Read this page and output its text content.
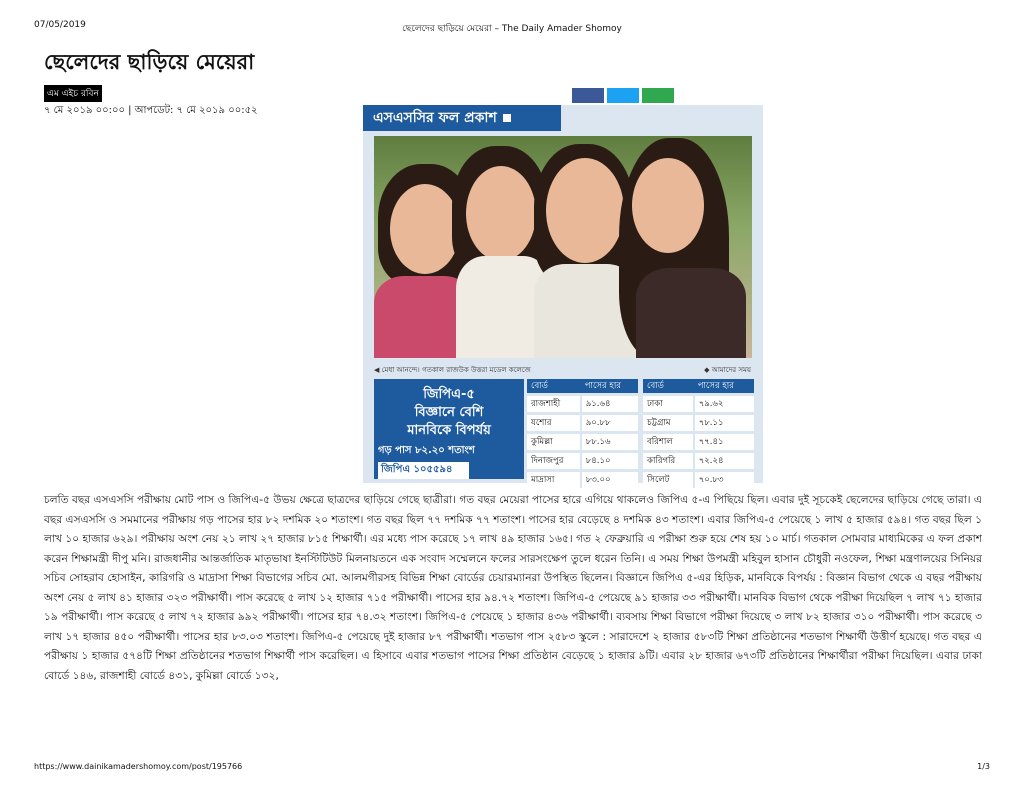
07/05/2019	ছেলেদের ছাড়িয়ে মেয়েরা – The Daily Amader Shomoy
ছেলেদের ছাড়িয়ে মেয়েরা
এম এইচ রবিন
৭ মে ২০১৯ ০০:০০ | আপডেট: ৭ মে ২০১৯ ০০:৫২	এসএসসির ফল প্রকাশ
◀ মেধা আনন্দে। গতকাল রাজউক উত্তরা মডেল কলেজে	◆ আমাদের সময়
জিপিএ-৫
বিজ্ঞানে বেশি
মানবিকে বিপর্যয়
গড় পাস ৮২.২০ শতাংশ
জিপিএ ১০৫৫৯৪
বোর্ড	পাসের হার
রাজশাহী	৯১.৬৪
যশোর	৯০.৮৮
কুমিল্লা	৮৮.১৬
দিনাজপুর	৮৪.১০
মাদ্রাসা	৮৩.০০
বোর্ড	পাসের হার
ঢাকা	৭৯.৬২
চট্টগ্রাম	৭৮.১১
বরিশাল	৭৭.৪১
কারিগরি	৭২.২৪
সিলেট	৭০.৮৩
চলতি বছর এসএসসি পরীক্ষায় মোট পাস ও জিপিএ-৫ উভয় ক্ষেত্রে ছাত্রদের ছাড়িয়ে গেছে ছাত্রীরা। গত বছর মেয়েরা পাসের হারে এগিয়ে থাকলেও জিপিএ ৫-এ পিছিয়ে ছিল। এবার দুই সূচকেই ছেলেদের ছাড়িয়ে গেছে তারা। এ বছর এসএসসি ও সমমানের পরীক্ষায় গড় পাসের হার ৮২ দশমিক ২০ শতাংশ। গত বছর ছিল ৭৭ দশমিক ৭৭ শতাংশ। পাসের হার বেড়েছে ৪ দশমিক ৪৩ শতাংশ। এবার জিপিএ-৫ পেয়েছে ১ লাখ ৫ হাজার ৫৯৪। গত বছর ছিল ১ লাখ ১০ হাজার ৬২৯। পরীক্ষায় অংশ নেয় ২১ লাখ ২৭ হাজার ৮১৫ শিক্ষার্থী। এর মধ্যে পাস করেছে ১৭ লাখ ৪৯ হাজার ১৬৫। গত ২ ফেব্রুয়ারি এ পরীক্ষা শুরু হয়ে শেষ হয় ১০ মার্চ। গতকাল সোমবার মাধ্যমিকের এ ফল প্রকাশ করেন শিক্ষামন্ত্রী দীপু মনি। রাজধানীর আন্তর্জাতিক মাতৃভাষা ইনস্টিটিউট মিলনায়তনে এক সংবাদ সম্মেলনে ফলের সারসংক্ষেপ তুলে ধরেন তিনি। এ সময় শিক্ষা উপমন্ত্রী মহিবুল হাসান চৌধুরী নওফেল, শিক্ষা মন্ত্রণালয়ের সিনিয়র সচিব সোহরাব হোসাইন, কারিগরি ও মাদ্রাসা শিক্ষা বিভাগের সচিব মো. আলমগীরসহ বিভিন্ন শিক্ষা বোর্ডের চেয়ারম্যানরা উপস্থিত ছিলেন। বিজ্ঞানে জিপিএ ৫-এর হিড়িক, মানবিকে বিপর্যয় : বিজ্ঞান বিভাগ থেকে এ বছর পরীক্ষায় অংশ নেয় ৫ লাখ ৪১ হাজার ৩২৩ পরীক্ষার্থী। পাস করেছে ৫ লাখ ১২ হাজার ৭১৫ পরীক্ষার্থী। পাসের হার ৯৪.৭২ শতাংশ। জিপিএ-৫ পেয়েছে ৯১ হাজার ৩৩ পরীক্ষার্থী। মানবিক বিভাগ থেকে পরীক্ষা দিয়েছিল ৭ লাখ ৭১ হাজার ১৯ পরীক্ষার্থী। পাস করেছে ৫ লাখ ৭২ হাজার ৯৯২ পরীক্ষার্থী। পাসের হার ৭৪.৩২ শতাংশ। জিপিএ-৫ পেয়েছে ১ হাজার ৪৩৬ পরীক্ষার্থী। ব্যবসায় শিক্ষা বিভাগে পরীক্ষা দিয়েছে ৩ লাখ ৮২ হাজার ৩১০ পরীক্ষার্থী। পাস করেছে ৩ লাখ ১৭ হাজার ৪৫০ পরীক্ষার্থী। পাসের হার ৮৩.০৩ শতাংশ। জিপিএ-৫ পেয়েছে দুই হাজার ৮৭ পরীক্ষার্থী। শতভাগ পাস ২৫৮৩ স্কুলে : সারাদেশে ২ হাজার ৫৮৩টি শিক্ষা প্রতিষ্ঠানের শতভাগ শিক্ষার্থী উত্তীর্ণ হয়েছে। গত বছর এ পরীক্ষায় ১ হাজার ৫৭৪টি শিক্ষা প্রতিষ্ঠানের শতভাগ শিক্ষার্থী পাস করেছিল। এ হিসাবে এবার শতভাগ পাসের শিক্ষা প্রতিষ্ঠান বেড়েছে ১ হাজার ৯টি। এবার ২৮ হাজার ৬৭৩টি প্রতিষ্ঠানের শিক্ষার্থীরা পরীক্ষা দিয়েছিল। এবার ঢাকা বোর্ডে ১৪৬, রাজশাহী বোর্ডে ৪৩১, কুমিল্লা বোর্ডে ১৩২,
https://www.dainikamadershomoy.com/post/195766	1/3
